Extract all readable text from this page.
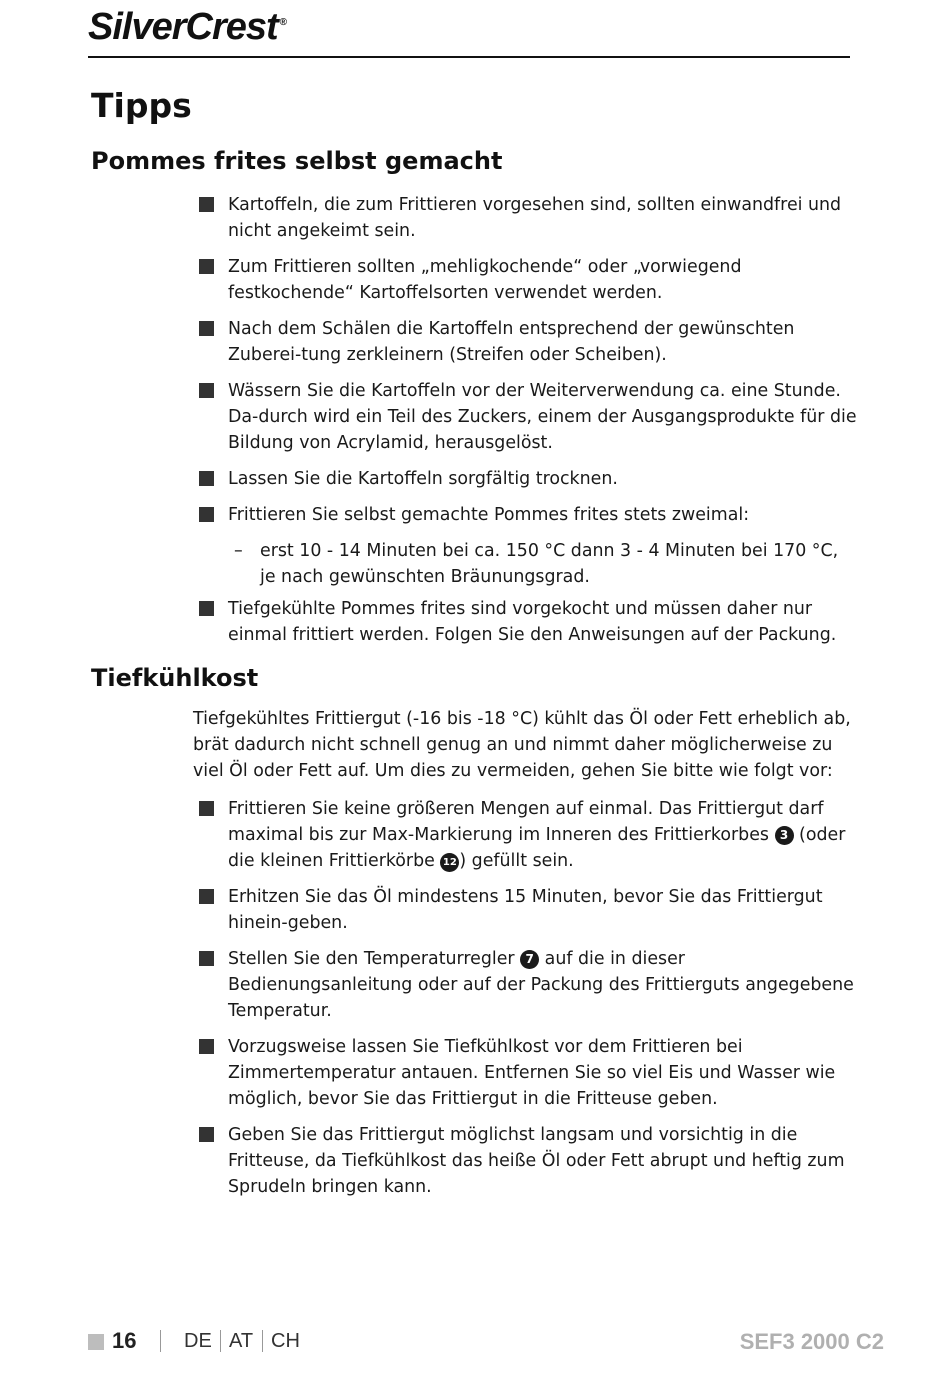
SilverCrest ®
Tipps
Pommes frites selbst gemacht
Kartoffeln, die zum Frittieren vorgesehen sind, sollten einwandfrei und nicht angekeimt sein.
Zum Frittieren sollten „mehligkochende“ oder „vorwiegend festkochende“ Kartoffelsorten verwendet werden.
Nach dem Schälen die Kartoffeln entsprechend der gewünschten Zuberei-tung zerkleinern (Streifen oder Scheiben).
Wässern Sie die Kartoffeln vor der Weiterverwendung ca. eine Stunde. Da-durch wird ein Teil des Zuckers, einem der Ausgangsprodukte für die Bildung von Acrylamid, herausgelöst.
Lassen Sie die Kartoffeln sorgfältig trocknen.
Frittieren Sie selbst gemachte Pommes frites stets zweimal:
– erst 10 - 14 Minuten bei ca. 150 °C dann 3 - 4 Minuten bei 170 °C, je nach gewünschten Bräunungsgrad.
Tiefgekühlte Pommes frites sind vorgekocht und müssen daher nur einmal frittiert werden. Folgen Sie den Anweisungen auf der Packung.
Tiefkühlkost

Tiefgekühltes Frittiergut (-16 bis -18 °C) kühlt das Öl oder Fett erheblich ab, brät dadurch nicht schnell genug an und nimmt daher möglicherweise zu viel Öl oder Fett auf. Um dies zu vermeiden, gehen Sie bitte wie folgt vor:

Frittieren Sie keine größeren Mengen auf einmal. Das Frittiergut darf maximal bis zur Max-Markierung im Inneren des Frittierkorbes 3 (oder die kleinen Frittierkörbe 12 ) gefüllt sein.
Erhitzen Sie das Öl mindestens 15 Minuten, bevor Sie das Frittiergut hinein-geben.
Stellen Sie den Temperaturregler 7 auf die in dieser Bedienungsanleitung oder auf der Packung des Frittierguts angegebene Temperatur.
Vorzugsweise lassen Sie Tiefkühlkost vor dem Frittieren bei Zimmertemperatur antauen. Entfernen Sie so viel Eis und Wasser wie möglich, bevor Sie das Frittiergut in die Fritteuse geben.
Geben Sie das Frittiergut möglichst langsam und vorsichtig in die Fritteuse, da Tiefkühlkost das heiße Öl oder Fett abrupt und heftig zum Sprudeln bringen kann.
16 DE AT CH	SEF3 2000 C2
